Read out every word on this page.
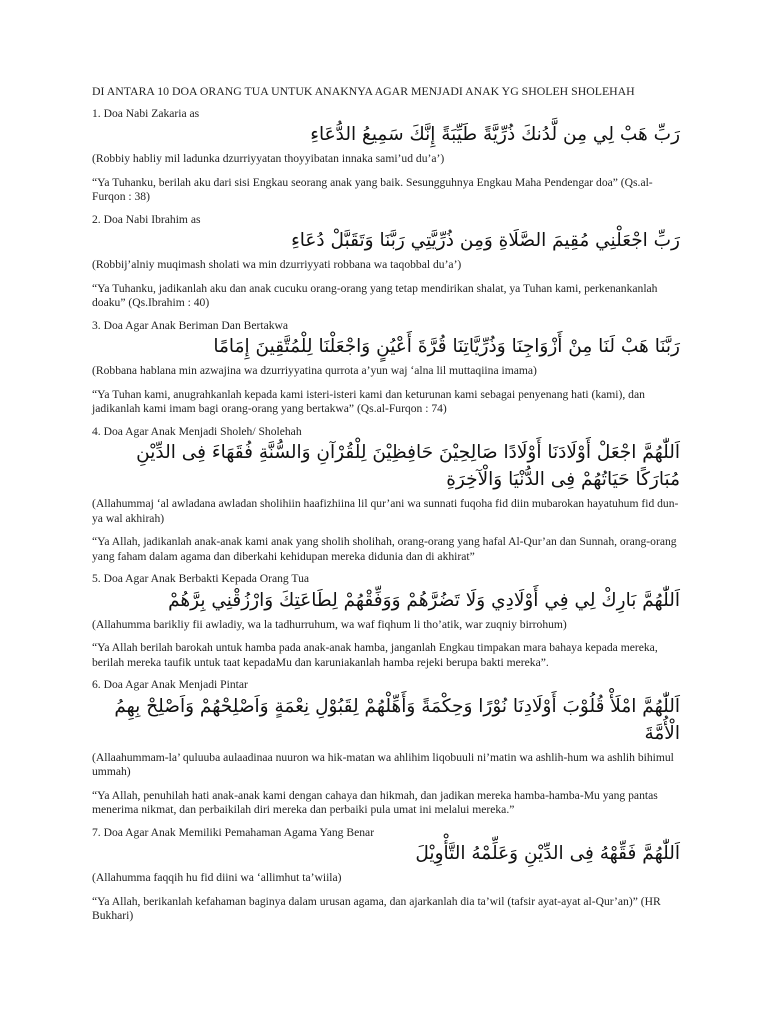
DI ANTARA 10 DOA ORANG TUA UNTUK ANAKNYA AGAR MENJADI ANAK YG SHOLEH SHOLEHAH
1. Doa Nabi Zakaria as
رَبِّ هَبْ لِي مِن لَّدُنكَ ذُرِّيَّةً طَيِّبَةً إِنَّكَ سَمِيعُ الدُّعَاءِ
(Robbiy habliy mil ladunka dzurriyyatan thoyyibatan innaka sami’ud du’a’)
“Ya Tuhanku, berilah aku dari sisi Engkau seorang anak yang baik. Sesungguhnya Engkau Maha Pendengar doa” (Qs.al-Furqon : 38)
2. Doa Nabi Ibrahim as
رَبِّ اجْعَلْنِي مُقِيمَ الصَّلَاةِ وَمِن ذُرِّيَّتِي رَبَّنَا وَتَقَبَّلْ دُعَاءِ
(Robbij’alniy muqimash sholati wa min dzurriyyati robbana wa taqobbal du’a’)
“Ya Tuhanku, jadikanlah aku dan anak cucuku orang-orang yang tetap mendirikan shalat, ya Tuhan kami, perkenankanlah doaku” (Qs.Ibrahim : 40)
3. Doa Agar Anak Beriman Dan Bertakwa
رَبَّنَا هَبْ لَنَا مِنْ أَزْوَاجِنَا وَذُرِّيَّاتِنَا قُرَّةَ أَعْيُنٍ وَاجْعَلْنَا لِلْمُتَّقِينَ إِمَامًا
(Robbana hablana min azwajina wa dzurriyyatina qurrota a’yun waj ‘alna lil muttaqiina imama)
“Ya Tuhan kami, anugrahkanlah kepada kami isteri-isteri kami dan keturunan kami sebagai penyenang hati (kami), dan jadikanlah kami imam bagi orang-orang yang bertakwa” (Qs.al-Furqon : 74)
4. Doa Agar Anak Menjadi Sholeh/ Sholehah
اَللّٰهُمَّ اجْعَلْ أَوْلَادَنَا أَوْلَادًا صَالِحِيْنَ حَافِظِيْنَ لِلْقُرْآنِ وَالسُّنَّةِ فُقَهَاءَ فِى الدِّيْنِ مُبَارَكًا حَيَاتُهُمْ فِى الدُّنْيَا وَالْآخِرَةِ
(Allahummaj ‘al awladana awladan sholihiin haafizhiina lil qur’ani wa sunnati fuqoha fid diin mubarokan hayatuhum fid dun-ya wal akhirah)
“Ya Allah, jadikanlah anak-anak kami anak yang sholih sholihah, orang-orang yang hafal Al-Qur’an dan Sunnah, orang-orang yang faham dalam agama dan diberkahi kehidupan mereka didunia dan di akhirat”
5. Doa Agar Anak Berbakti Kepada Orang Tua
اَللّٰهُمَّ بَارِكْ لِي فِي أَوْلَادِي وَلَا تَضُرَّهُمْ وَوَفِّقْهُمْ لِطَاعَتِكَ وَارْزُقْنِي بِرَّهُمْ
(Allahumma barikliy fii awladiy, wa la tadhurruhum, wa waf fiqhum li tho’atik, war zuqniy birrohum)
“Ya Allah berilah barokah untuk hamba pada anak-anak hamba, janganlah Engkau timpakan mara bahaya kepada mereka, berilah mereka taufik untuk taat kepadaMu dan karuniakanlah hamba rejeki berupa bakti mereka”.
6. Doa Agar Anak Menjadi Pintar
اَللّٰهُمَّ امْلَأْ قُلُوْبَ أَوْلَادِنَا نُوْرًا وَحِكْمَةً وَأَهِّلْهُمْ لِقَبُوْلِ نِعْمَةٍ وَاَصْلِحْهُمْ وَاَصْلِحْ بِهِمُ الْأُمَّةَ
(Allaahummam-la’ quluuba aulaadinaa nuuron wa hik-matan wa ahlihim liqobuuli ni’matin wa ashlih-hum wa ashlih bihimul ummah)
“Ya Allah, penuhilah hati anak-anak kami dengan cahaya dan hikmah, dan jadikan mereka hamba-hamba-Mu yang pantas menerima nikmat, dan perbaikilah diri mereka dan perbaiki pula umat ini melalui mereka.”
7. Doa Agar Anak Memiliki Pemahaman Agama Yang Benar
اَللّٰهُمَّ فَقِّهْهُ فِى الدِّيْنِ وَعَلِّمْهُ التَّأْوِيْلَ
(Allahumma faqqih hu fid diini wa ‘allimhut ta’wiila)
“Ya Allah, berikanlah kefahaman baginya dalam urusan agama, dan ajarkanlah dia ta’wil (tafsir ayat-ayat al-Qur’an)” (HR Bukhari)
